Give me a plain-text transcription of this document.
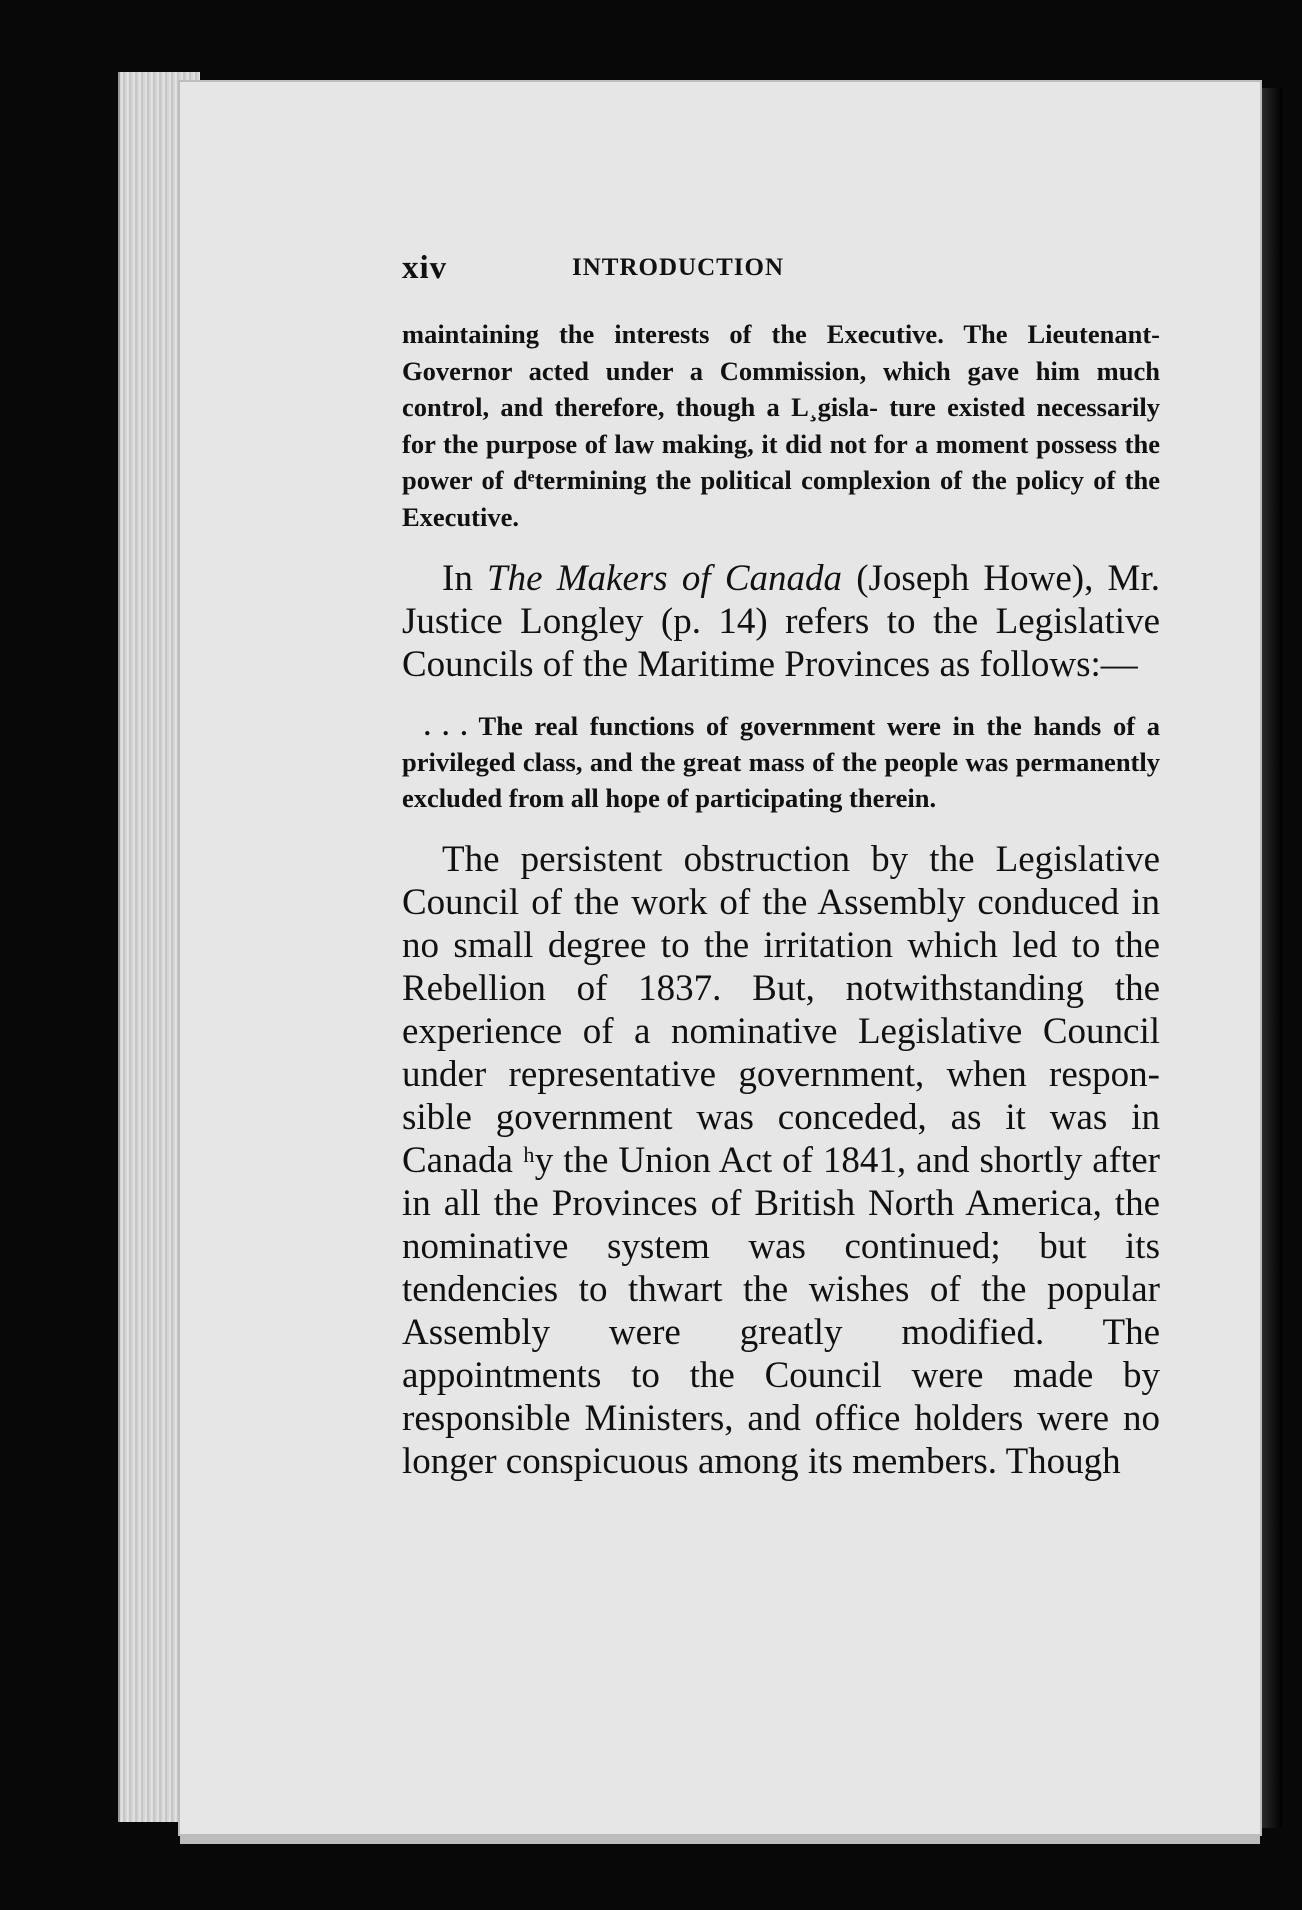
xiv	INTRODUCTION

maintaining the interests of the Executive. The Lieutenant-Governor acted under a Commission, which gave him much control, and therefore, though a L¸gisla- ture existed necessarily for the purpose of law making, it did not for a moment possess the power of dᵉtermining the political complexion of the policy of the Executive.

In The Makers of Canada (Joseph Howe), Mr. Justice Longley (p. 14) refers to the Legislative Councils of the Maritime Provinces as follows:—

. . . The real functions of government were in the hands of a privileged class, and the great mass of the people was permanently excluded from all hope of participating therein.

The persistent obstruction by the Legislative Council of the work of the Assembly conduced in no small degree to the irritation which led to the Rebellion of 1837. But, notwithstanding the experience of a nominative Legislative Council under representative government, when respon- sible government was conceded, as it was in Canada ʰy the Union Act of 1841, and shortly after in all the Provinces of British North America, the nominative system was continued; but its tendencies to thwart the wishes of the popular Assembly were greatly modified. The appointments to the Council were made by responsible Ministers, and office holders were no longer conspicuous among its members. Though
